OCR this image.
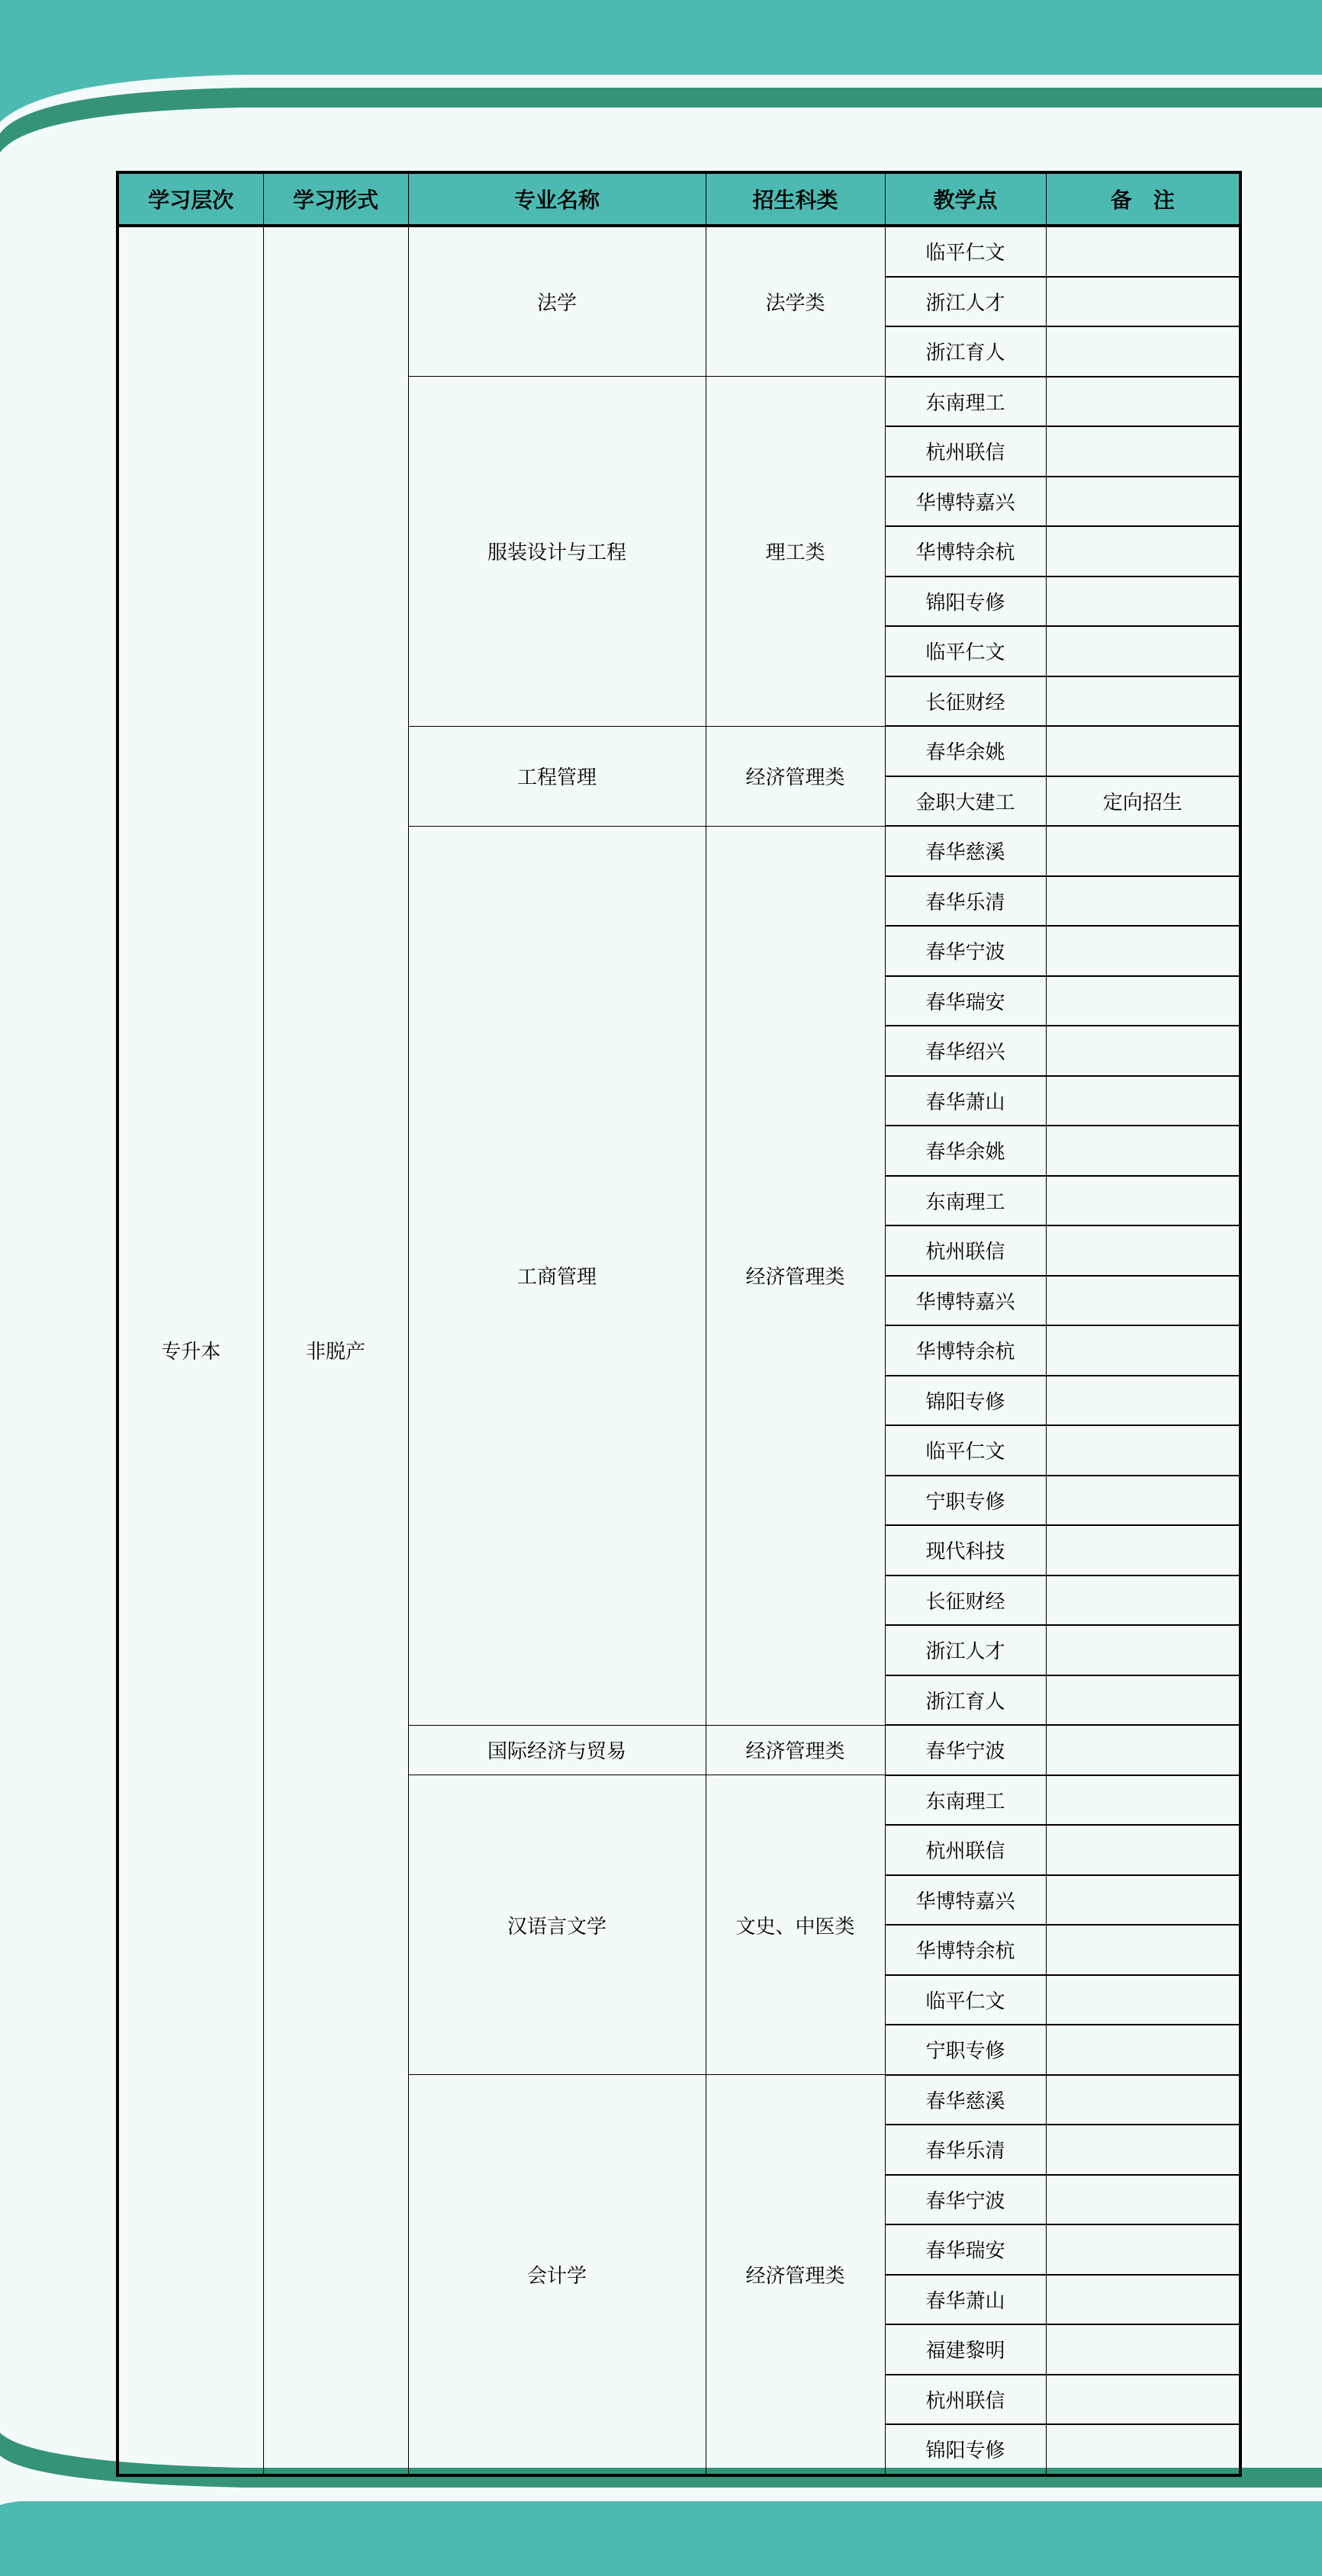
学习层次	学习形式	专业名称	招生科类	教学点	备　注
专升本	非脱产	法学	法学类	临平仁文	
				浙江人才	
				浙江育人	
		服装设计与工程	理工类	东南理工	
				杭州联信	
				华博特嘉兴	
				华博特余杭	
				锦阳专修	
				临平仁文	
				长征财经	
		工程管理	经济管理类	春华余姚	
				金职大建工	定向招生
		工商管理	经济管理类	春华慈溪	
				春华乐清	
				春华宁波	
				春华瑞安	
				春华绍兴	
				春华萧山	
				春华余姚	
				东南理工	
				杭州联信	
				华博特嘉兴	
				华博特余杭	
				锦阳专修	
				临平仁文	
				宁职专修	
				现代科技	
				长征财经	
				浙江人才	
				浙江育人	
		国际经济与贸易	经济管理类	春华宁波	
		汉语言文学	文史、中医类	东南理工	
				杭州联信	
				华博特嘉兴	
				华博特余杭	
				临平仁文	
				宁职专修	
		会计学	经济管理类	春华慈溪	
				春华乐清	
				春华宁波	
				春华瑞安	
				春华萧山	
				福建黎明	
				杭州联信	
				锦阳专修	
